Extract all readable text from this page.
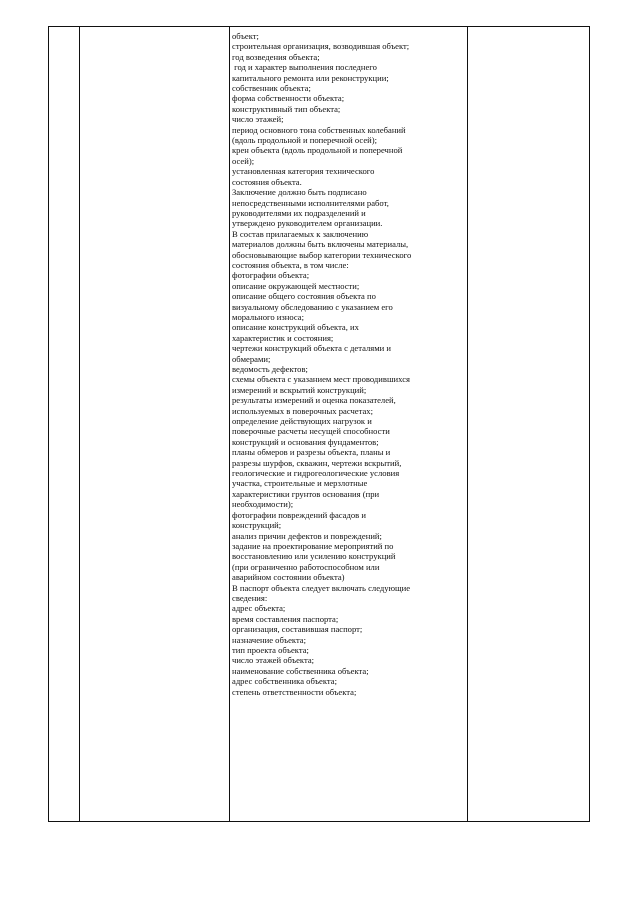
объект;

строительная организация, возводившая объект;

год возведения объекта;

год и характер выполнения последнего

капитального ремонта или реконструкции;

собственник объекта;

форма собственности объекта;

конструктивный тип объекта;

число этажей;

период основного тона собственных колебаний

(вдоль продольной и поперечной осей);

крен объекта (вдоль продольной и поперечной

осей);

установленная категория технического

состояния объекта.

Заключение должно быть подписано

непосредственными исполнителями работ,

руководителями их подразделений и

утверждено руководителем организации.

В состав прилагаемых к заключению

материалов должны быть включены материалы,

обосновывающие выбор категории технического

состояния объекта, в том числе:

фотографии объекта;

описание окружающей местности;

описание общего состояния объекта по

визуальному обследованию с указанием его

морального износа;

описание конструкций объекта, их

характеристик и состояния;

чертежи конструкций объекта с деталями и

обмерами;

ведомость дефектов;

схемы объекта с указанием мест проводившихся

измерений и вскрытий конструкций;

результаты измерений и оценка показателей,

используемых в поверочных расчетах;

определение действующих нагрузок и

поверочные расчеты несущей способности

конструкций и основания фундаментов;

планы обмеров и разрезы объекта, планы и

разрезы шурфов, скважин, чертежи вскрытий,

геологические и гидрогеологические условия

участка, строительные и мерзлотные

характеристики грунтов основания (при

необходимости);

фотографии повреждений фасадов и

конструкций;

анализ причин дефектов и повреждений;

задание на проектирование мероприятий по

восстановлению или усилению конструкций

(при ограниченно работоспособном или

аварийном состоянии объекта)

В паспорт объекта следует включать следующие

сведения:

адрес объекта;

время составления паспорта;

организация, составившая паспорт;

назначение объекта;

тип проекта объекта;

число этажей объекта;

наименование собственника объекта;

адрес собственника объекта;

степень ответственности объекта;
